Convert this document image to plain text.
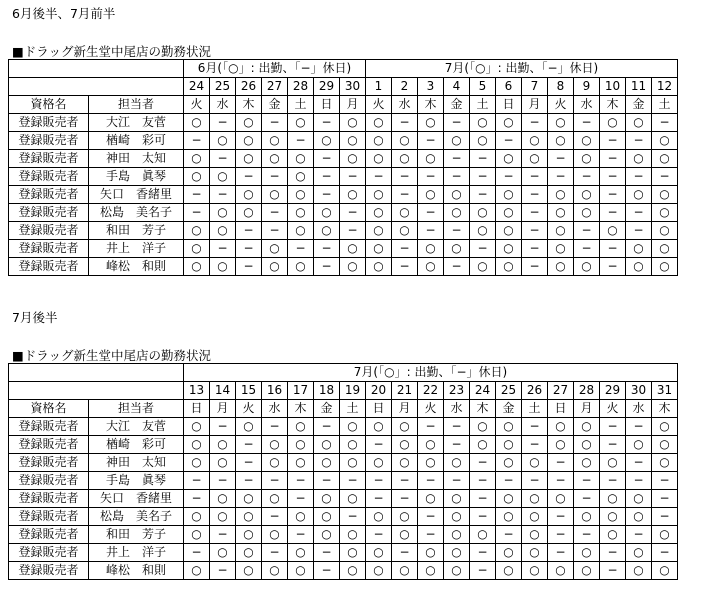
6月後半、7月前半
■ドラッグ新生堂中尾店の勤務状況
		6月(「○」: 出勤、「−」休日)							7月(「○」: 出勤、「−」休日)											
		24	25	26	27	28	29	30	1	2	3	4	5	6	7	8	9	10	11	12
資格名	担当者	火	水	木	金	土	日	月	火	水	木	金	土	日	月	火	水	木	金	土
登録販売者	大江　友菅	○	−	○	−	○	−	○	○	−	○	−	○	○	−	○	−	○	○	−
登録販売者	楢崎　彩可	−	○	○	○	−	○	○	○	○	−	○	○	−	○	○	○	−	−	○
登録販売者	神田　太知	○	−	○	○	○	−	○	○	○	○	−	−	○	○	−	○	−	○	○
登録販売者	手島　眞琴	○	○	−	−	○	−	−	−	−	−	−	−	−	−	−	−	−	−	−
登録販売者	矢口　香緒里	−	−	○	○	○	−	○	○	−	○	○	−	○	−	○	○	−	○	○
登録販売者	松島　美名子	−	○	○	−	○	○	−	○	○	−	○	○	○	−	○	○	−	−	○
登録販売者	和田　芳子	○	○	−	−	○	○	−	○	○	−	−	○	○	−	○	−	○	−	○
登録販売者	井上　洋子	○	−	−	○	−	−	○	○	−	○	○	−	○	−	○	−	−	○	○
登録販売者	峰松　和則	○	○	−	○	○	−	○	○	−	○	−	○	○	−	○	○	−	○	○
7月後半
■ドラッグ新生堂中尾店の勤務状況
		7月(「○」: 出勤、「−」休日)																		
		13	14	15	16	17	18	19	20	21	22	23	24	25	26	27	28	29	30	31
資格名	担当者	日	月	火	水	木	金	土	日	月	火	水	木	金	土	日	月	火	水	木
登録販売者	大江　友菅	○	−	○	−	○	−	○	○	○	−	−	○	○	−	○	○	−	−	○
登録販売者	楢崎　彩可	○	○	−	○	○	○	○	−	○	○	−	○	○	−	○	○	−	○	○
登録販売者	神田　太知	○	○	−	○	○	○	○	○	○	○	○	−	○	○	−	○	○	−	○
登録販売者	手島　眞琴	−	−	−	−	−	−	−	−	−	−	−	−	−	−	−	−	−	−	−
登録販売者	矢口　香緒里	−	○	○	○	−	○	○	−	−	○	○	−	○	○	○	−	○	○	−
登録販売者	松島　美名子	○	○	○	−	○	○	−	○	○	−	○	−	○	○	−	○	○	○	−
登録販売者	和田　芳子	○	−	○	○	−	○	○	−	○	−	○	○	−	○	−	−	○	−	○
登録販売者	井上　洋子	−	○	○	−	○	−	○	○	−	○	○	−	○	○	−	○	−	○	−
登録販売者	峰松　和則	○	−	○	○	○	−	○	○	○	○	○	−	○	○	○	○	−	○	○
